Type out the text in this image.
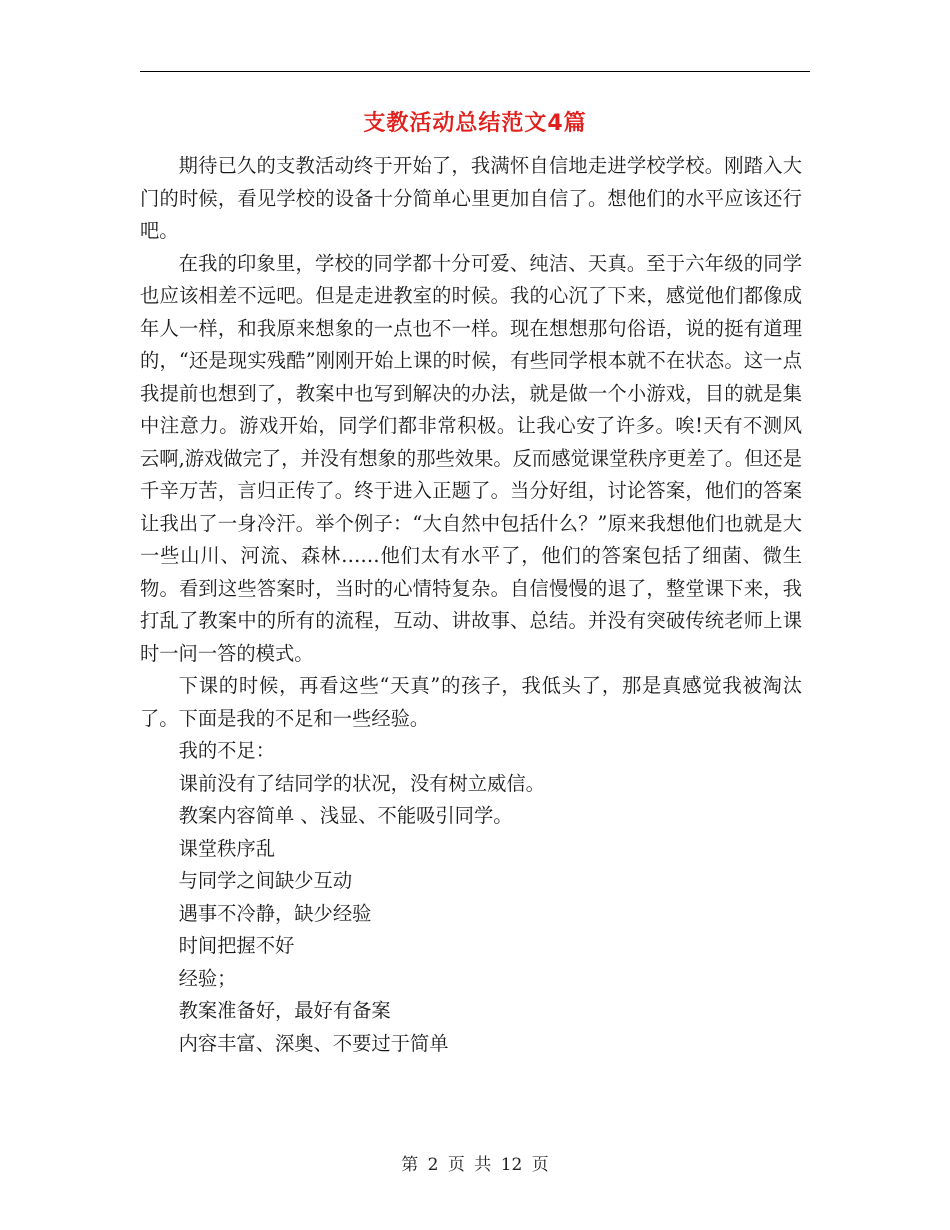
支教活动总结范文4篇

期待已久的支教活动终于开始了，我满怀自信地走进学校学校。刚踏入大门的时候，看见学校的设备十分简单心里更加自信了。想他们的水平应该还行吧。

在我的印象里，学校的同学都十分可爱、纯洁、天真。至于六年级的同学也应该相差不远吧。但是走进教室的时候。我的心沉了下来，感觉他们都像成年人一样，和我原来想象的一点也不一样。现在想想那句俗语，说的挺有道理的，“还是现实残酷”刚刚开始上课的时候，有些同学根本就不在状态。这一点我提前也想到了，教案中也写到解决的办法，就是做一个小游戏，目的就是集中注意力。游戏开始，同学们都非常积极。让我心安了许多。唉!天有不测风云啊,游戏做完了，并没有想象的那些效果。反而感觉课堂秩序更差了。但还是千辛万苦，言归正传了。终于进入正题了。当分好组，讨论答案，他们的答案让我出了一身冷汗。举个例子：“大自然中包括什么？”原来我想他们也就是大一些山川、河流、森林……他们太有水平了，他们的答案包括了细菌、微生物。看到这些答案时，当时的心情特复杂。自信慢慢的退了，整堂课下来，我打乱了教案中的所有的流程，互动、讲故事、总结。并没有突破传统老师上课时一问一答的模式。

下课的时候，再看这些“天真”的孩子，我低头了，那是真感觉我被淘汰了。下面是我的不足和一些经验。

我的不足：

课前没有了结同学的状况，没有树立威信。

教案内容简单 、浅显、不能吸引同学。

课堂秩序乱

与同学之间缺少互动

遇事不冷静，缺少经验

时间把握不好

经验；

教案准备好，最好有备案

内容丰富、深奥、不要过于简单

第 2 页 共 12 页
